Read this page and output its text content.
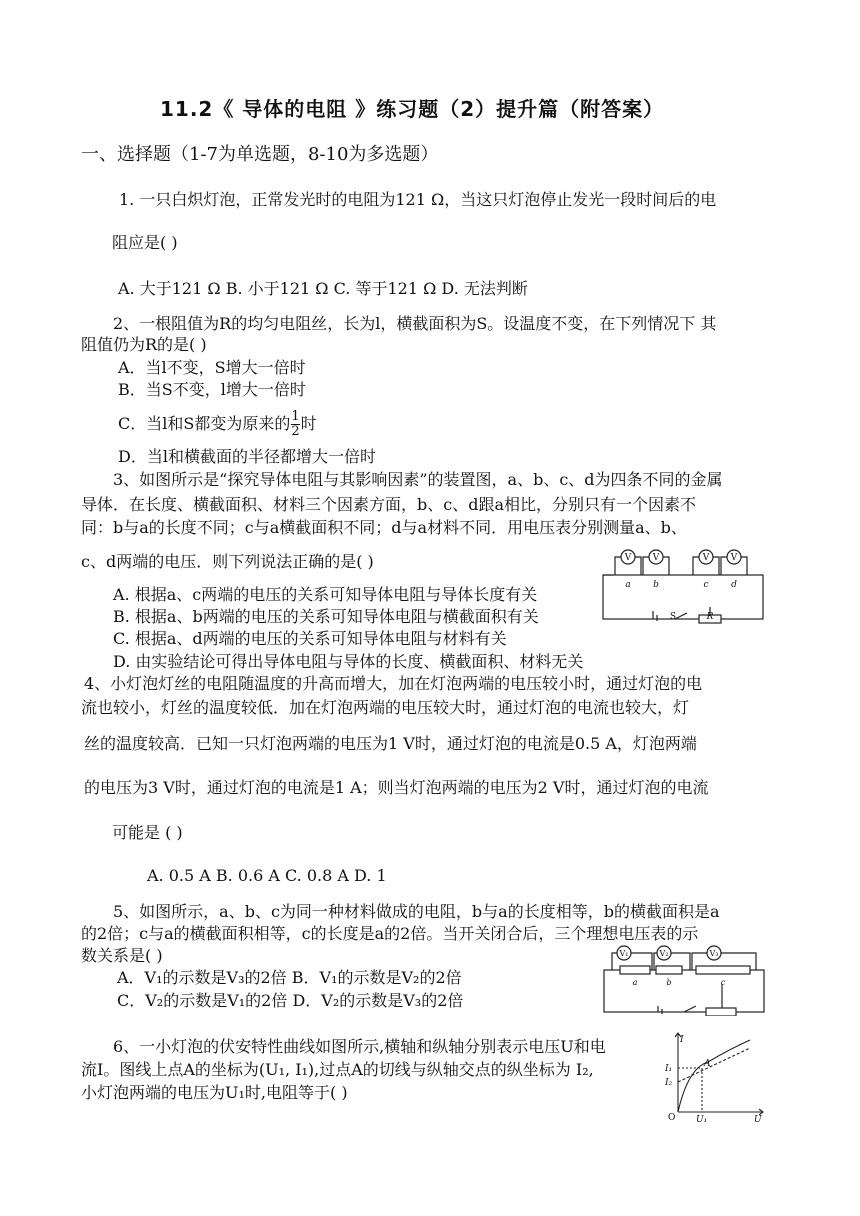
11.2《 导体的电阻 》练习题（2）提升篇（附答案）
一、选择题（1-7为单选题，8-10为多选题）
1. 一只白炽灯泡，正常发光时的电阻为121 Ω，当这只灯泡停止发光一段时间后的电
阻应是( )
A. 大于121 Ω B. 小于121 Ω C. 等于121 Ω D. 无法判断
2、一根阻值为R的均匀电阻丝，长为l，横截面积为S。设温度不变，在下列情况下 其
阻值仍为R的是( )
A．当l不变，S增大一倍时
B．当S不变，l增大一倍时
C．当l和S都变为原来的 $\frac{1}{2}$ 时
D．当l和横截面的半径都增大一倍时
3、如图所示是“探究导体电阻与其影响因素”的装置图，a、b、c、d为四条不同的金属
导体．在长度、横截面积、材料三个因素方面，b、c、d跟a相比，分别只有一个因素不
同：b与a的长度不同；c与a横截面积不同；d与a材料不同．用电压表分别测量a、b、
c、d两端的电压．则下列说法正确的是( )
A. 根据a、c两端的电压的关系可知导体电阻与导体长度有关
B. 根据a、b两端的电压的关系可知导体电阻与横截面积有关
C. 根据a、d两端的电压的关系可知导体电阻与材料有关
D. 由实验结论可得出导体电阻与导体的长度、横截面积、材料无关
V V	V V
a b	c	d
S	R
4、小灯泡灯丝的电阻随温度的升高而增大，加在灯泡两端的电压较小时，通过灯泡的电
流也较小，灯丝的温度较低．加在灯泡两端的电压较大时，通过灯泡的电流也较大，灯
丝的温度较高．已知一只灯泡两端的电压为1 V时，通过灯泡的电流是0.5 A，灯泡两端
的电压为3 V时，通过灯泡的电流是1 A；则当灯泡两端的电压为2 V时，通过灯泡的电流
可能是 ( )
A. 0.5 A B. 0.6 A C. 0.8 A D. 1
5、如图所示，a、b、c为同一种材料做成的电阻，b与a的长度相等，b的横截面积是a
的2倍；c与a的横截面积相等，c的长度是a的2倍。当开关闭合后，三个理想电压表的示
数关系是( )
A．V₁的示数是V₃的2倍 B．V₁的示数是V₂的2倍
C．V₂的示数是V₁的2倍 D．V₂的示数是V₃的2倍
V₁	V₂	V₃
a	b	c
6、一小灯泡的伏安特性曲线如图所示,横轴和纵轴分别表示电压U和电
流I。图线上点A的坐标为(U₁, I₁),过点A的切线与纵轴交点的纵坐标为 I₂,
小灯泡两端的电压为U₁时,电阻等于( )
I
I₁
I₂
O U₁	U
A
